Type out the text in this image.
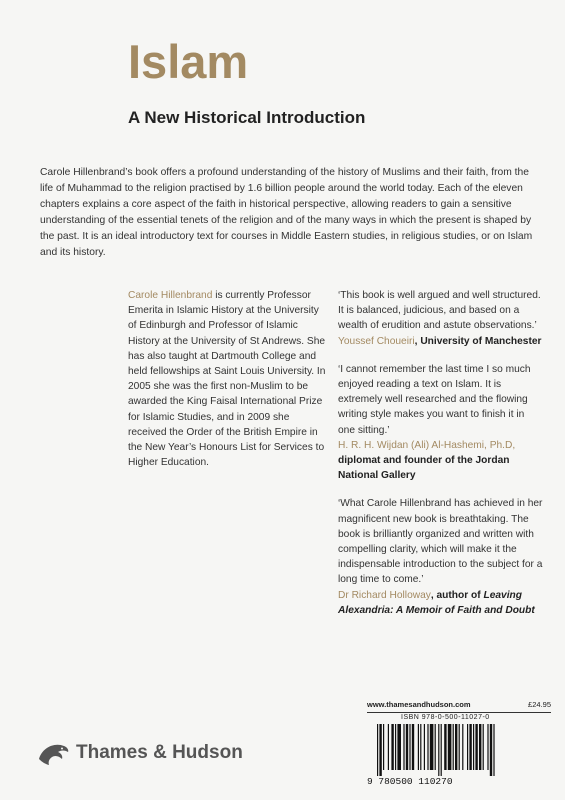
Islam
A New Historical Introduction

Carole Hillenbrand’s book offers a profound understanding of the history of Muslims and their faith, from the life of Muhammad to the religion practised by 1.6 billion people around the world today. Each of the eleven chapters explains a core aspect of the faith in historical perspective, allowing readers to gain a sensitive understanding of the essential tenets of the religion and of the many ways in which the present is shaped by the past. It is an ideal introductory text for courses in Middle Eastern studies, in religious studies, or on Islam and its history.

Carole Hillenbrand is currently Professor Emerita in Islamic History at the University of Edinburgh and Professor of Islamic History at the University of St Andrews. She has also taught at Dartmouth College and held fellowships at Saint Louis University. In 2005 she was the first non-Muslim to be awarded the King Faisal International Prize for Islamic Studies, and in 2009 she received the Order of the British Empire in the New Year’s Honours List for Services to Higher Education.

‘This book is well argued and well structured. It is balanced, judicious, and based on a wealth of erudition and astute observations.’
Youssef Choueiri, University of Manchester

‘I cannot remember the last time I so much enjoyed reading a text on Islam. It is extremely well researched and the flowing writing style makes you want to finish it in one sitting.’
H. R. H. Wijdan (Ali) Al-Hashemi, Ph.D,
diplomat and founder of the Jordan National Gallery

‘What Carole Hillenbrand has achieved in her magnificent new book is breathtaking. The book is brilliantly organized and written with compelling clarity, which will make it the indispensable introduction to the subject for a long time to come.’
Dr Richard Holloway, author of Leaving Alexandria: A Memoir of Faith and Doubt

www.thamesandhudson.com	£24.95
ISBN 978-0-500-11027-0
9 780500 110270
Thames & Hudson
